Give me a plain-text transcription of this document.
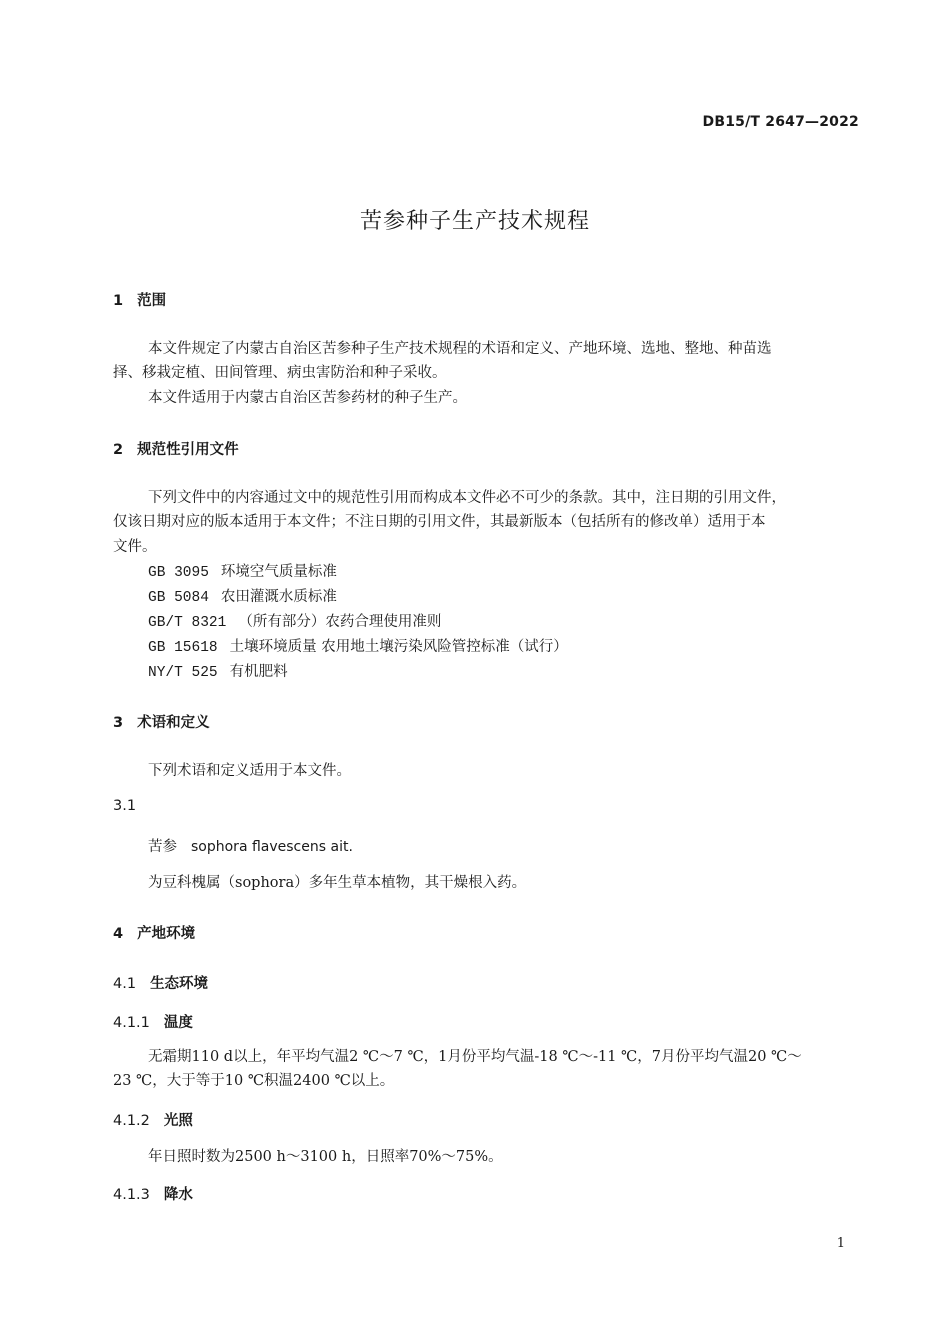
DB15/T 2647—2022
苦参种子生产技术规程
1 范围
本文件规定了内蒙古自治区苦参种子生产技术规程的术语和定义、产地环境、选地、整地、种苗选
择、移栽定植、田间管理、病虫害防治和种子采收。
本文件适用于内蒙古自治区苦参药材的种子生产。
2 规范性引用文件
下列文件中的内容通过文中的规范性引用而构成本文件必不可少的条款。其中，注日期的引用文件，
仅该日期对应的版本适用于本文件；不注日期的引用文件，其最新版本（包括所有的修改单）适用于本
文件。
GB 3095 环境空气质量标准
GB 5084 农田灌溉水质标准
GB/T 8321 （所有部分）农药合理使用准则
GB 15618 土壤环境质量 农用地土壤污染风险管控标准（试行）
NY/T 525 有机肥料
3 术语和定义
下列术语和定义适用于本文件。
3.1
苦参 sophora flavescens ait.
为豆科槐属（sophora）多年生草本植物，其干燥根入药。
4 产地环境
4.1 生态环境
4.1.1 温度
无霜期110 d以上，年平均气温2 ℃～7 ℃，1月份平均气温-18 ℃～-11 ℃，7月份平均气温20 ℃～
23 ℃，大于等于10 ℃积温2400 ℃以上。
4.1.2 光照
年日照时数为2500 h～3100 h，日照率70%～75%。
4.1.3 降水
1
